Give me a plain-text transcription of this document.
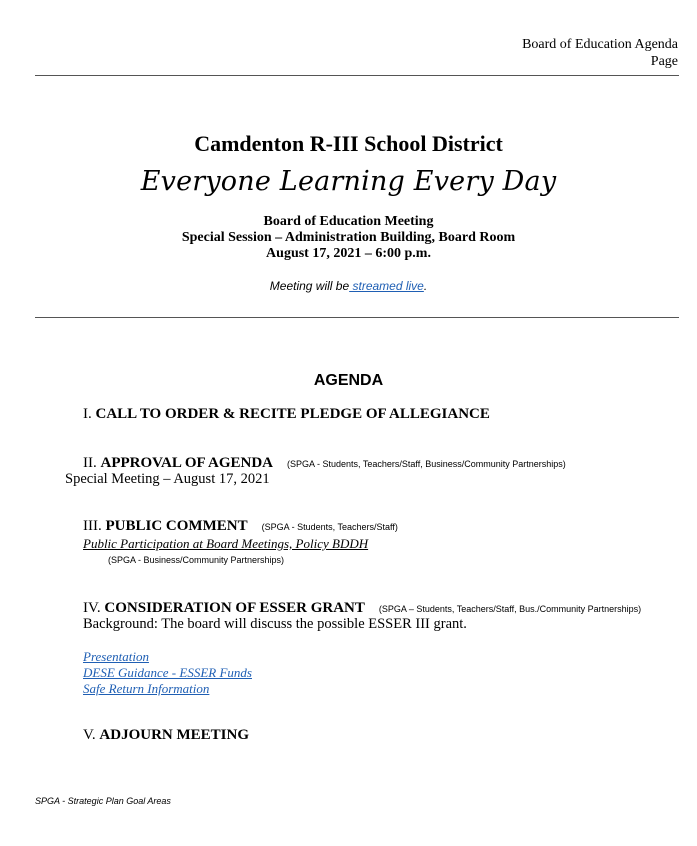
Board of Education Agenda
Page
Camdenton R-III School District
Everyone Learning Every Day
Board of Education Meeting
Special Session – Administration Building, Board Room
August 17, 2021 – 6:00 p.m.
Meeting will be streamed live.
AGENDA
I. CALL TO ORDER & RECITE PLEDGE OF ALLEGIANCE
II. APPROVAL OF AGENDA (SPGA - Students, Teachers/Staff, Business/Community Partnerships)
Special Meeting – August 17, 2021
III. PUBLIC COMMENT (SPGA - Students, Teachers/Staff)
Public Participation at Board Meetings, Policy BDDH
(SPGA - Business/Community Partnerships)
IV. CONSIDERATION OF ESSER GRANT (SPGA – Students, Teachers/Staff, Bus./Community Partnerships)
Background: The board will discuss the possible ESSER III grant.
Presentation
DESE Guidance - ESSER Funds
Safe Return Information
V. ADJOURN MEETING
SPGA - Strategic Plan Goal Areas
